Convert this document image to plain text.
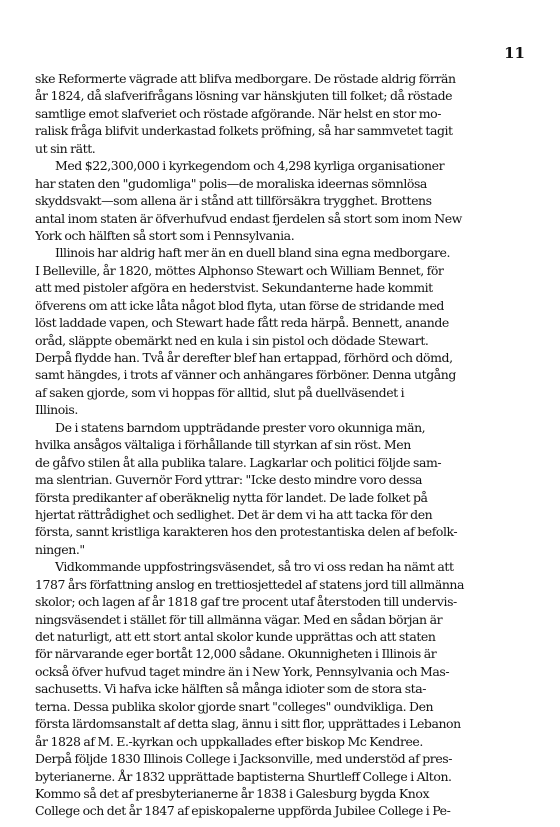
11
ske Reformerte vägrade att blifva medborgare. De röstade aldrig förrän
år 1824, då slafverifrågans lösning var hänskjuten till folket; då röstade
samtlige emot slafveriet och röstade afgörande. När helst en stor mo-
ralisk fråga blifvit underkastad folkets pröfning, så har sammvetet tagit
ut sin rätt.
Med $22,300,000 i kyrkegendom och 4,298 kyrliga organisationer
har staten den "gudomliga" polis—de moraliska ideernas sömnlösa
skyddsvakt—som allena är i stånd att tillförsäkra trygghet. Brottens
antal inom staten är öfverhufvud endast fjerdelen så stort som inom New
York och hälften så stort som i Pennsylvania.
Illinois har aldrig haft mer än en duell bland sina egna medborgare.
I Belleville, år 1820, möttes Alphonso Stewart och William Bennet, för
att med pistoler afgöra en hederstvist. Sekundanterne hade kommit
öfverens om att icke låta något blod flyta, utan förse de stridande med
löst laddade vapen, och Stewart hade fått reda härpå. Bennett, anande
oråd, släppte obemärkt ned en kula i sin pistol och dödade Stewart.
Derpå flydde han. Två år derefter blef han ertappad, förhörd och dömd,
samt hängdes, i trots af vänner och anhängares förböner. Denna utgång
af saken gjorde, som vi hoppas för alltid, slut på duellväsendet i
Illinois.
De i statens barndom uppträdande prester voro okunniga män,
hvilka ansågos vältaliga i förhållande till styrkan af sin röst. Men
de gåfvo stilen åt alla publika talare. Lagkarlar och politici följde sam-
ma slentrian. Guvernör Ford yttrar: "Icke desto mindre voro dessa
första predikanter af oberäknelig nytta för landet. De lade folket på
hjertat rättrådighet och sedlighet. Det är dem vi ha att tacka för den
första, sannt kristliga karakteren hos den protestantiska delen af befolk-
ningen."
Vidkommande uppfostringsväsendet, så tro vi oss redan ha nämt att
1787 års författning anslog en trettiosjettedel af statens jord till allmänna
skolor; och lagen af år 1818 gaf tre procent utaf återstoden till undervis-
ningsväsendet i stället för till allmänna vägar. Med en sådan början är
det naturligt, att ett stort antal skolor kunde upprättas och att staten
för närvarande eger bortåt 12,000 sådane. Okunnigheten i Illinois är
också öfver hufvud taget mindre än i New York, Pennsylvania och Mas-
sachusetts. Vi hafva icke hälften så många idioter som de stora sta-
terna. Dessa publika skolor gjorde snart "colleges" oundvikliga. Den
första lärdomsanstalt af detta slag, ännu i sitt flor, upprättades i Lebanon
år 1828 af M. E.-kyrkan och uppkallades efter biskop Mc Kendree.
Derpå följde 1830 Illinois College i Jacksonville, med understöd af pres-
byterianerne. År 1832 upprättade baptisterna Shurtleff College i Alton.
Kommo så det af presbyterianerne år 1838 i Galesburg bygda Knox
College och det år 1847 af episkopalerne uppförda Jubilee College i Pe-
